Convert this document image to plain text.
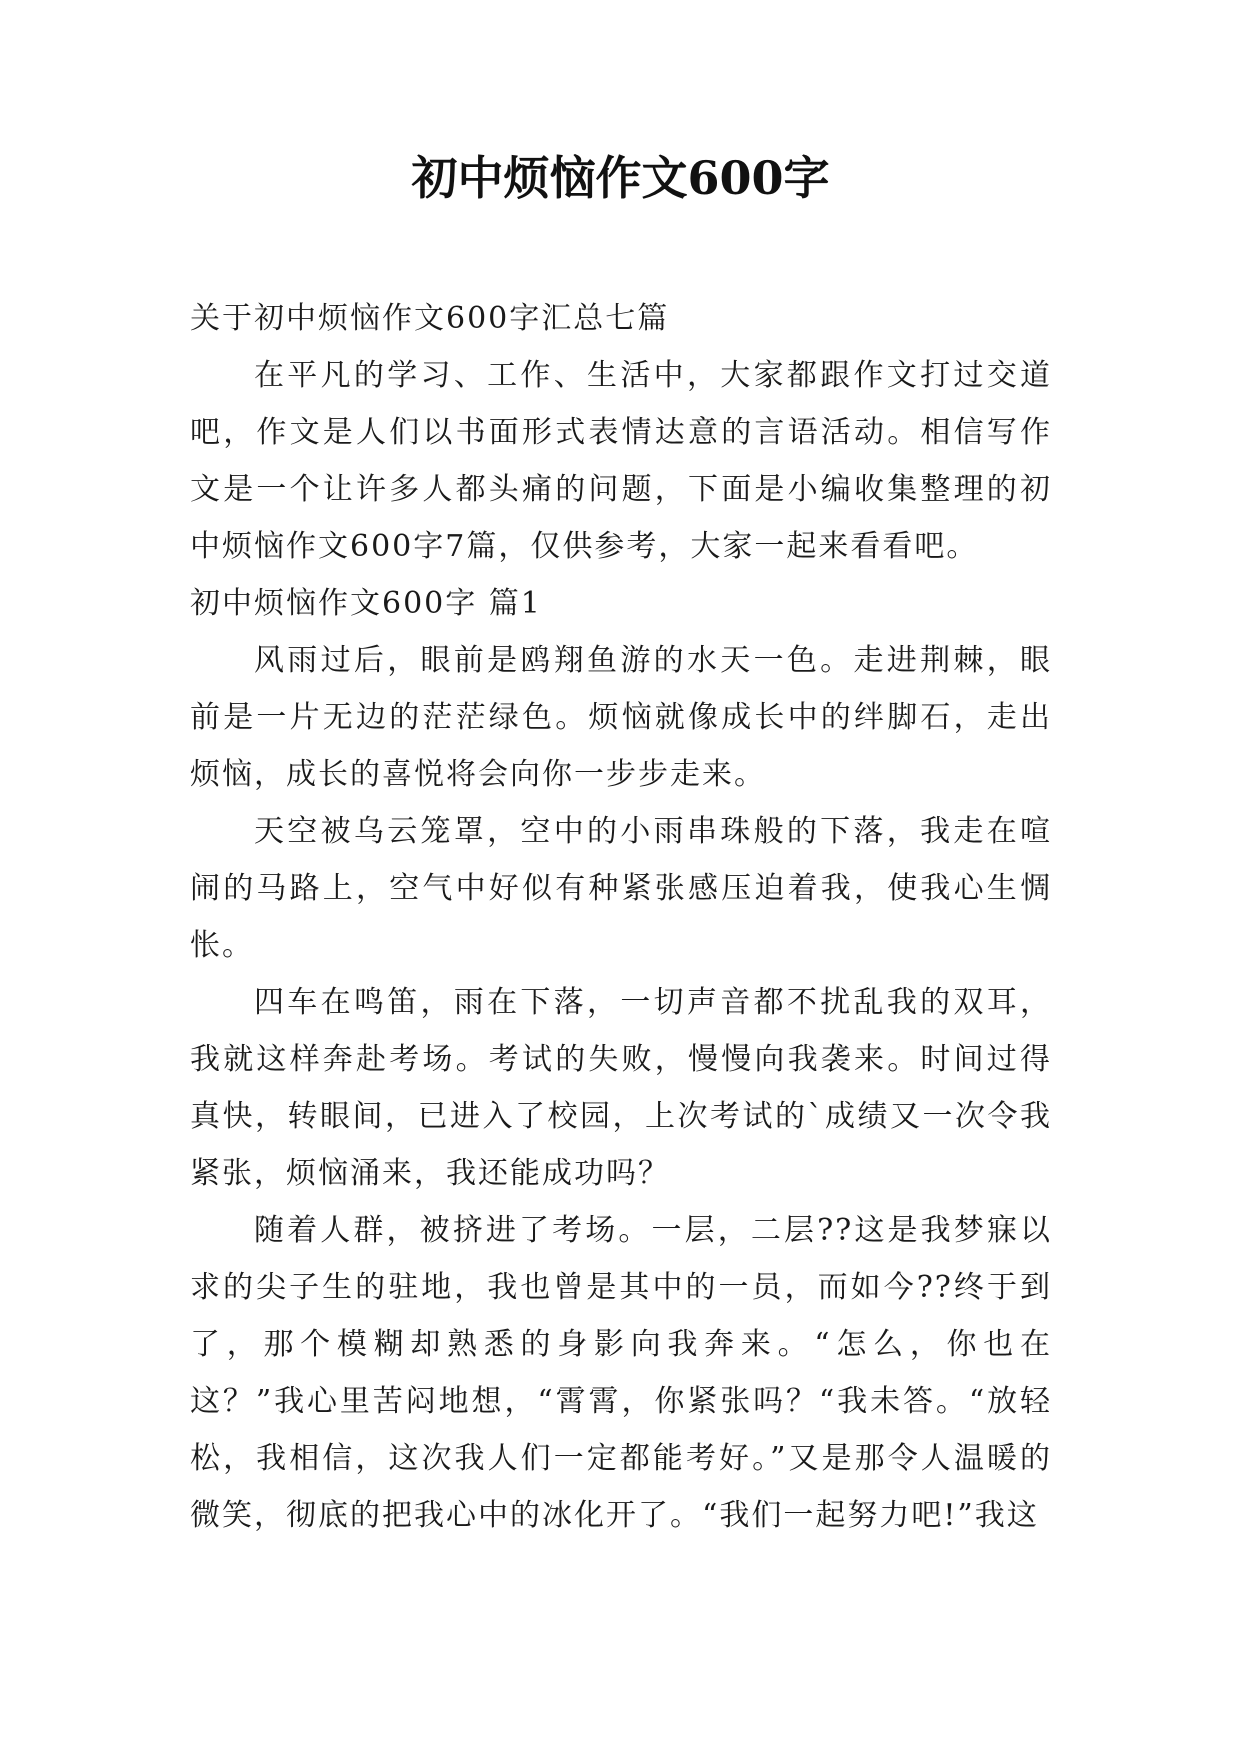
初中烦恼作文600字

关于初中烦恼作文600字汇总七篇

在平凡的学习、工作、生活中，大家都跟作文打过交道吧，作文是人们以书面形式表情达意的言语活动。相信写作文是一个让许多人都头痛的问题，下面是小编收集整理的初中烦恼作文600字7篇，仅供参考，大家一起来看看吧。

初中烦恼作文600字 篇1

风雨过后，眼前是鸥翔鱼游的水天一色。走进荆棘，眼前是一片无边的茫茫绿色。烦恼就像成长中的绊脚石，走出烦恼，成长的喜悦将会向你一步步走来。

天空被乌云笼罩，空中的小雨串珠般的下落，我走在喧闹的马路上，空气中好似有种紧张感压迫着我，使我心生惆怅。

四车在鸣笛，雨在下落，一切声音都不扰乱我的双耳，我就这样奔赴考场。考试的失败，慢慢向我袭来。时间过得真快，转眼间，已进入了校园，上次考试的`成绩又一次令我紧张，烦恼涌来，我还能成功吗？

随着人群，被挤进了考场。一层，二层??这是我梦寐以求的尖子生的驻地，我也曾是其中的一员，而如今??终于到了，那个模糊却熟悉的身影向我奔来。“怎么，你也在这？”我心里苦闷地想，“霄霄，你紧张吗？“我未答。“放轻松，我相信，这次我人们一定都能考好。”又是那令人温暖的微笑，彻底的把我心中的冰化开了。“我们一起努力吧!”我这
